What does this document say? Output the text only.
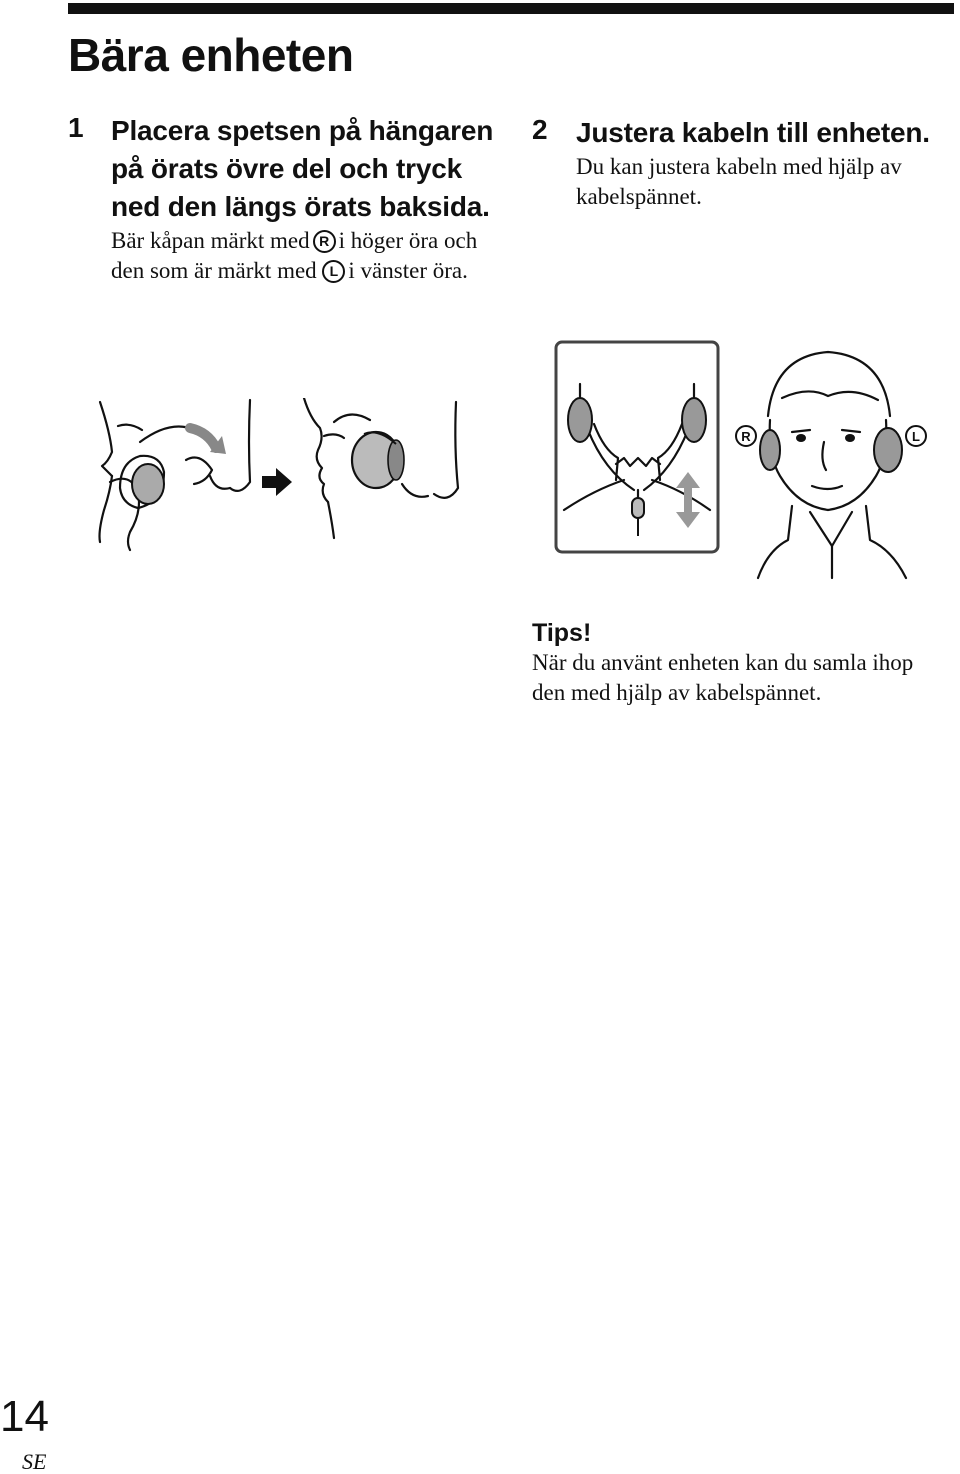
Bära enheten
1 Placera spetsen på hängaren på örats övre del och tryck ned den längs örats baksida.

Bär kåpan märkt med R i höger öra och den som är märkt med L i vänster öra.

2 Justera kabeln till enheten.

Du kan justera kabeln med hjälp av kabelspännet.

R	L

Tips!

När du använt enheten kan du samla ihop den med hjälp av kabelspännet.

14

SE
